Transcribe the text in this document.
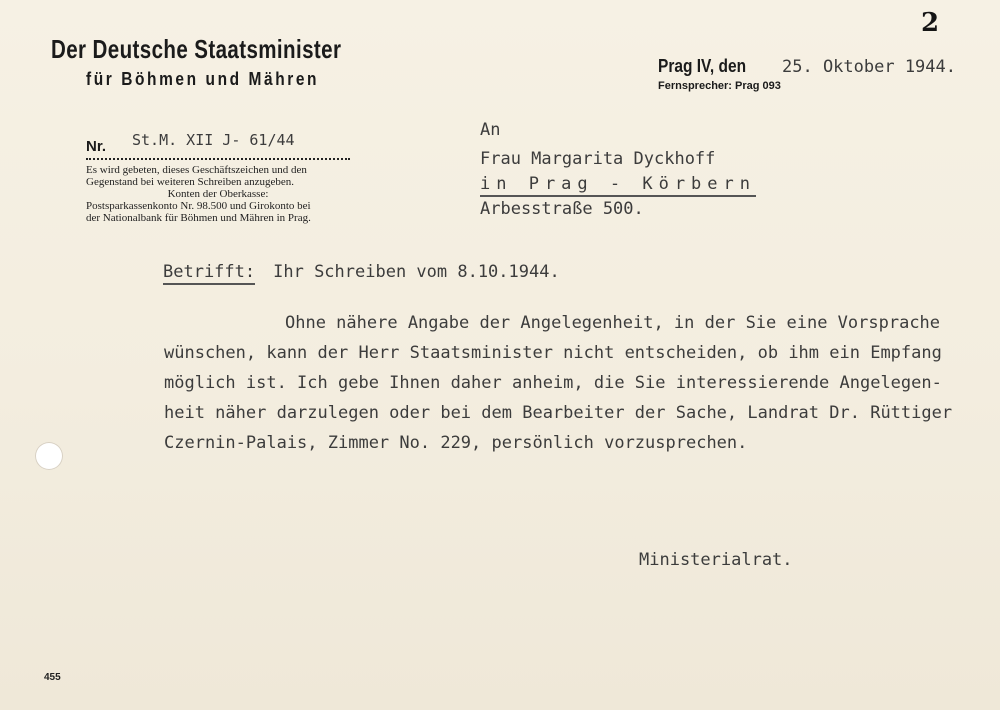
2
Der Deutsche Staatsminister
für Böhmen und Mähren
Prag IV, den 25. Oktober 1944.
Fernsprecher: Prag 093
Nr. St.M. XII J- 61/44
Es wird gebeten, dieses Geschäftszeichen und den
Gegenstand bei weiteren Schreiben anzugeben.
Konten der Oberkasse:
Postsparkassenkonto Nr. 98.500 und Girokonto bei
der Nationalbank für Böhmen und Mähren in Prag.
An
Frau Margarita Dyckhoff
in Prag - Körbern
Arbesstraße 500.
Betrifft: Ihr Schreiben vom 8.10.1944.
Ohne nähere Angabe der Angelegenheit, in der Sie eine Vorsprache
wünschen, kann der Herr Staatsminister nicht entscheiden, ob ihm ein Empfang
möglich ist. Ich gebe Ihnen daher anheim, die Sie interessierende Angelegen-
heit näher darzulegen oder bei dem Bearbeiter der Sache, Landrat Dr. Rüttiger
Czernin-Palais, Zimmer No. 229, persönlich vorzusprechen.
Ministerialrat.
455
